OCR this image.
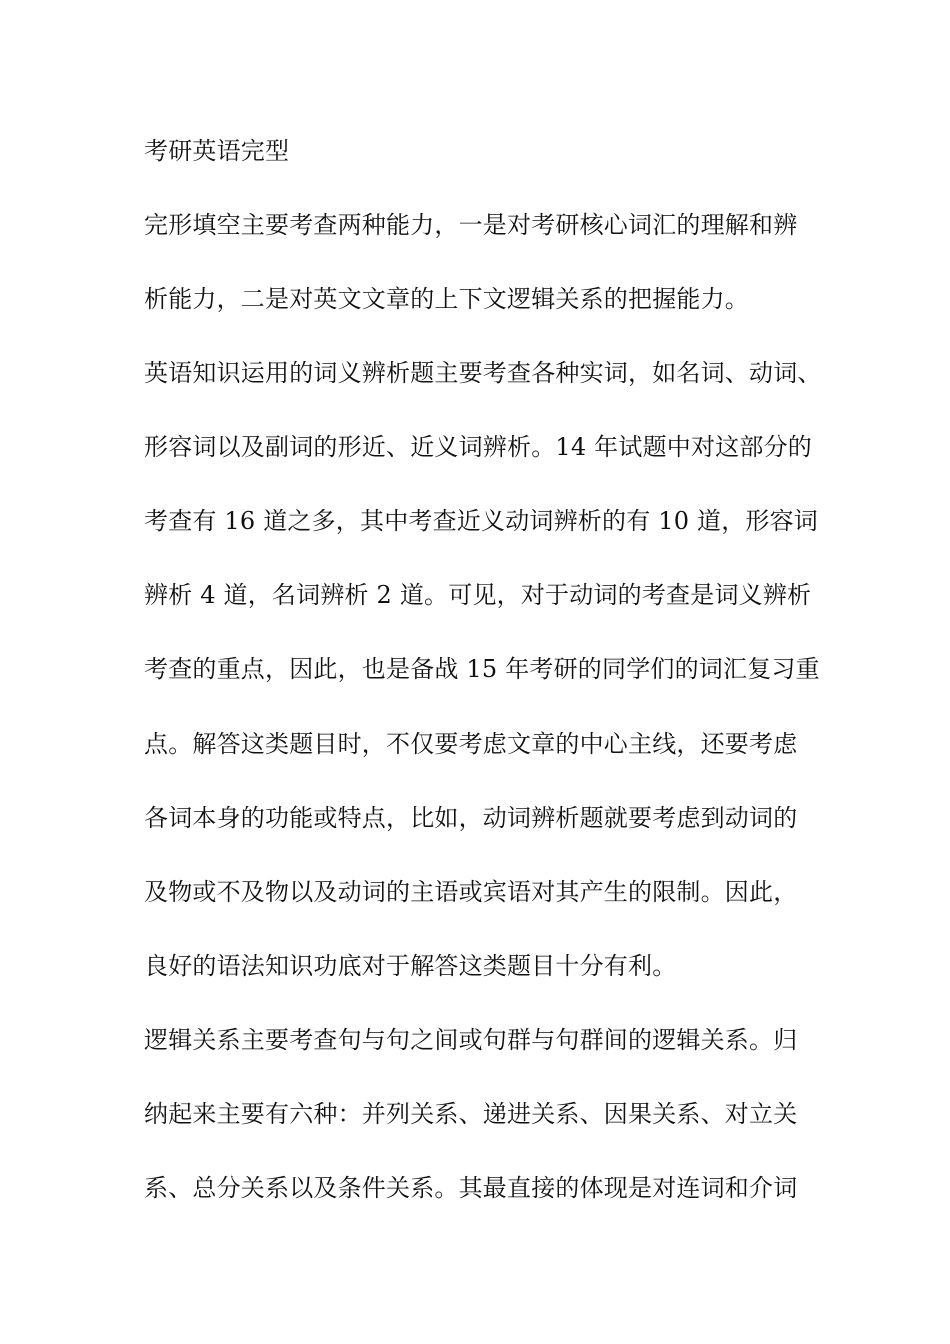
考研英语完型
完形填空主要考查两种能力，一是对考研核心词汇的理解和辨
析能力，二是对英文文章的上下文逻辑关系的把握能力。
英语知识运用的词义辨析题主要考查各种实词，如名词、动词、
形容词以及副词的形近、近义词辨析。14 年试题中对这部分的
考查有 16 道之多，其中考查近义动词辨析的有 10 道，形容词
辨析 4 道，名词辨析 2 道。可见，对于动词的考查是词义辨析
考查的重点，因此，也是备战 15 年考研的同学们的词汇复习重
点。解答这类题目时，不仅要考虑文章的中心主线，还要考虑
各词本身的功能或特点，比如，动词辨析题就要考虑到动词的
及物或不及物以及动词的主语或宾语对其产生的限制。因此，
良好的语法知识功底对于解答这类题目十分有利。
逻辑关系主要考查句与句之间或句群与句群间的逻辑关系。归
纳起来主要有六种：并列关系、递进关系、因果关系、对立关
系、总分关系以及条件关系。其最直接的体现是对连词和介词
